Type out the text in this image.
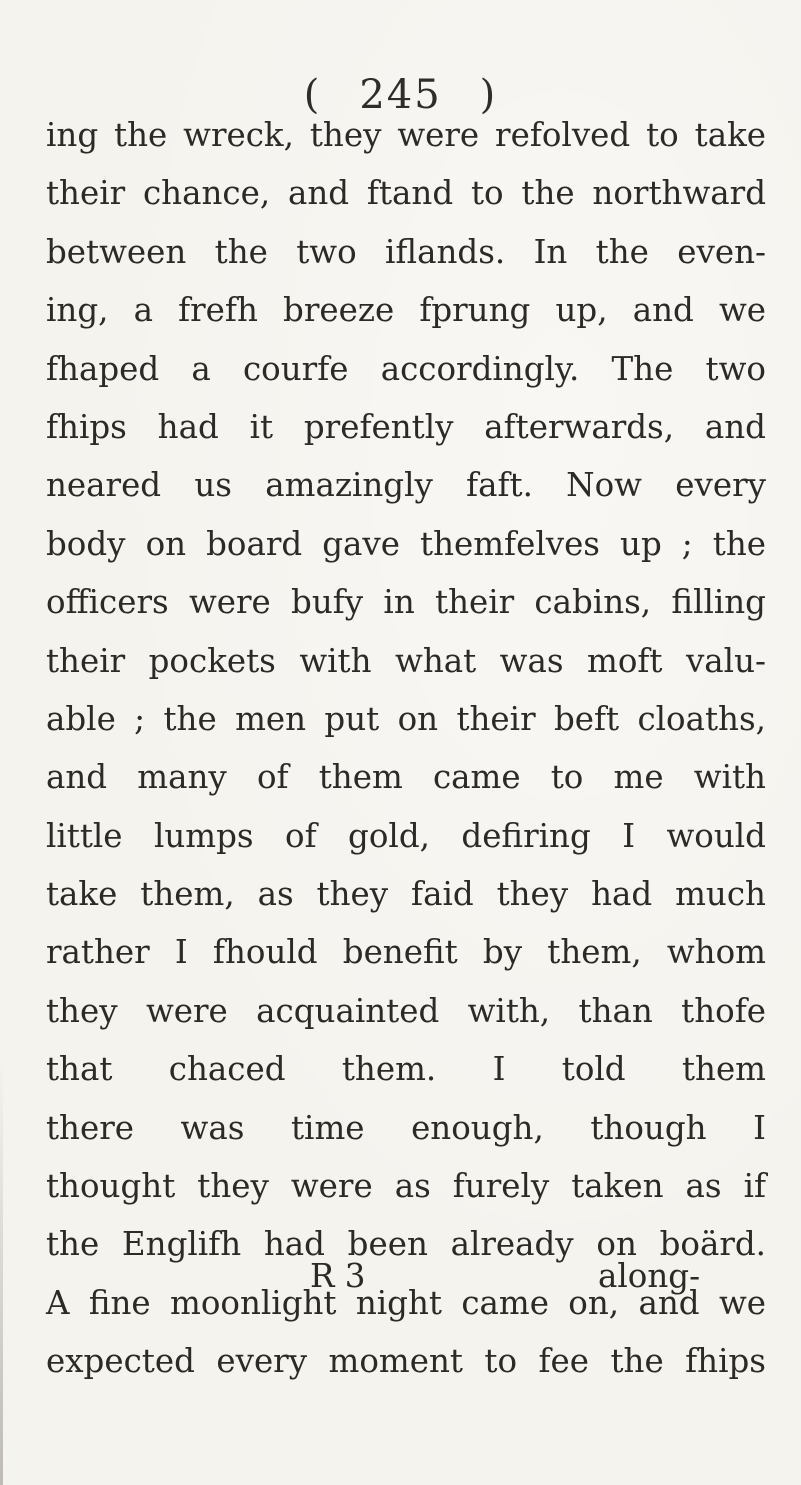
( 245 )
ing the wreck, they were refolved to take
their chance, and ftand to the northward
between the two iflands. In the even-
ing, a frefh breeze fprung up, and we
fhaped a courfe accordingly. The two
fhips had it prefently afterwards, and
neared us amazingly faft. Now every
body on board gave themfelves up ; the
officers were bufy in their cabins, filling
their pockets with what was moft valu-
able ; the men put on their beft cloaths,
and many of them came to me with
little lumps of gold, defiring I would
take them, as they faid they had much
rather I fhould benefit by them, whom
they were acquainted with, than thofe
that chaced them. I told them
there was time enough, though I
thought they were as furely taken as if
the Englifh had been already on boärd.
A fine moonlight night came on, and we
expected every moment to fee the fhips
R 3	along-
